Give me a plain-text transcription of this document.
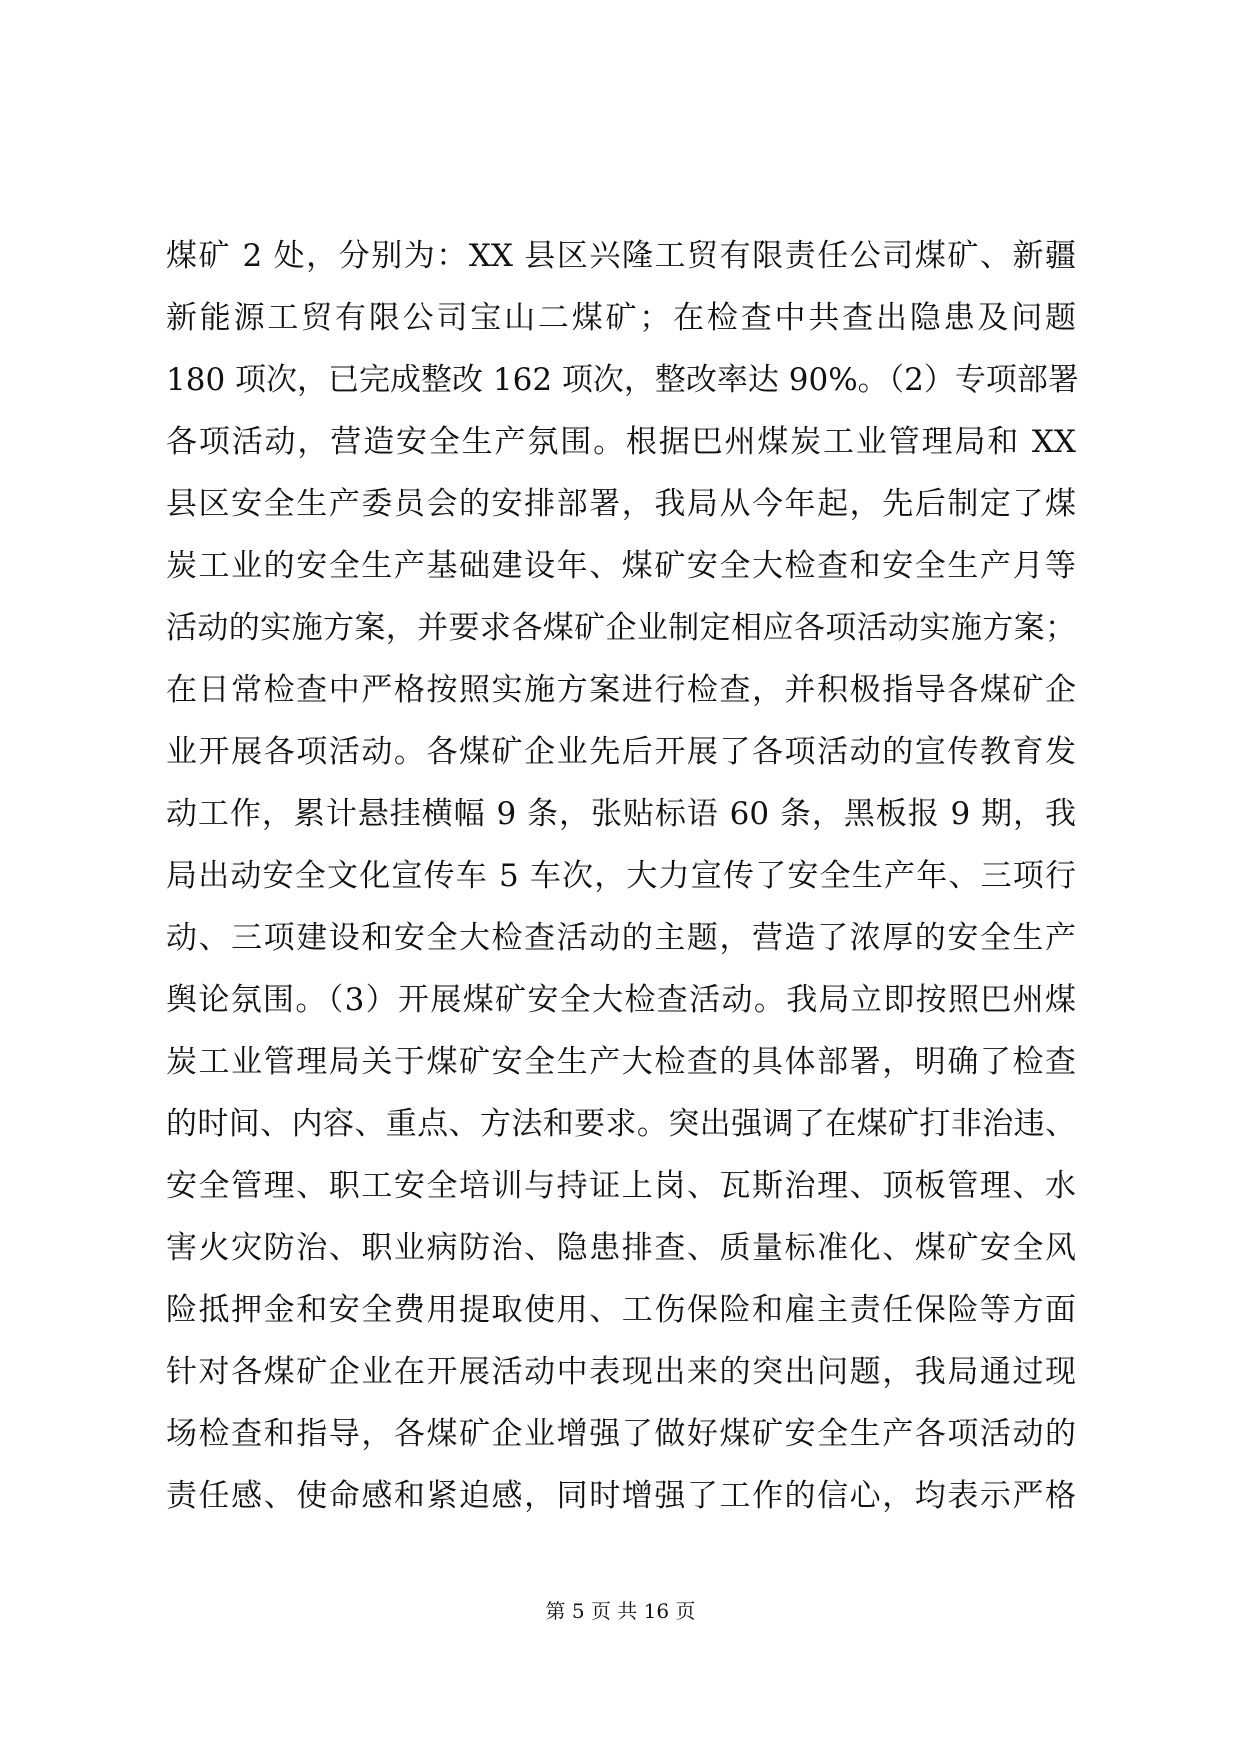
煤矿 2 处，分别为：XX 县区兴隆工贸有限责任公司煤矿、新疆
新能源工贸有限公司宝山二煤矿；在检查中共查出隐患及问题
180 项次，已完成整改 162 项次，整改率达 90%。（2）专项部署
各项活动，营造安全生产氛围。根据巴州煤炭工业管理局和 XX
县区安全生产委员会的安排部署，我局从今年起，先后制定了煤
炭工业的安全生产基础建设年、煤矿安全大检查和安全生产月等
活动的实施方案，并要求各煤矿企业制定相应各项活动实施方案；
在日常检查中严格按照实施方案进行检查，并积极指导各煤矿企
业开展各项活动。各煤矿企业先后开展了各项活动的宣传教育发
动工作，累计悬挂横幅 9 条，张贴标语 60 条，黑板报 9 期，我
局出动安全文化宣传车 5 车次，大力宣传了安全生产年、三项行
动、三项建设和安全大检查活动的主题，营造了浓厚的安全生产
舆论氛围。（3）开展煤矿安全大检查活动。我局立即按照巴州煤
炭工业管理局关于煤矿安全生产大检查的具体部署，明确了检查
的时间、内容、重点、方法和要求。突出强调了在煤矿打非治违、
安全管理、职工安全培训与持证上岗、瓦斯治理、顶板管理、水
害火灾防治、职业病防治、隐患排查、质量标准化、煤矿安全风
险抵押金和安全费用提取使用、工伤保险和雇主责任保险等方面
针对各煤矿企业在开展活动中表现出来的突出问题，我局通过现
场检查和指导，各煤矿企业增强了做好煤矿安全生产各项活动的
责任感、使命感和紧迫感，同时增强了工作的信心，均表示严格
第 5 页 共 16 页
